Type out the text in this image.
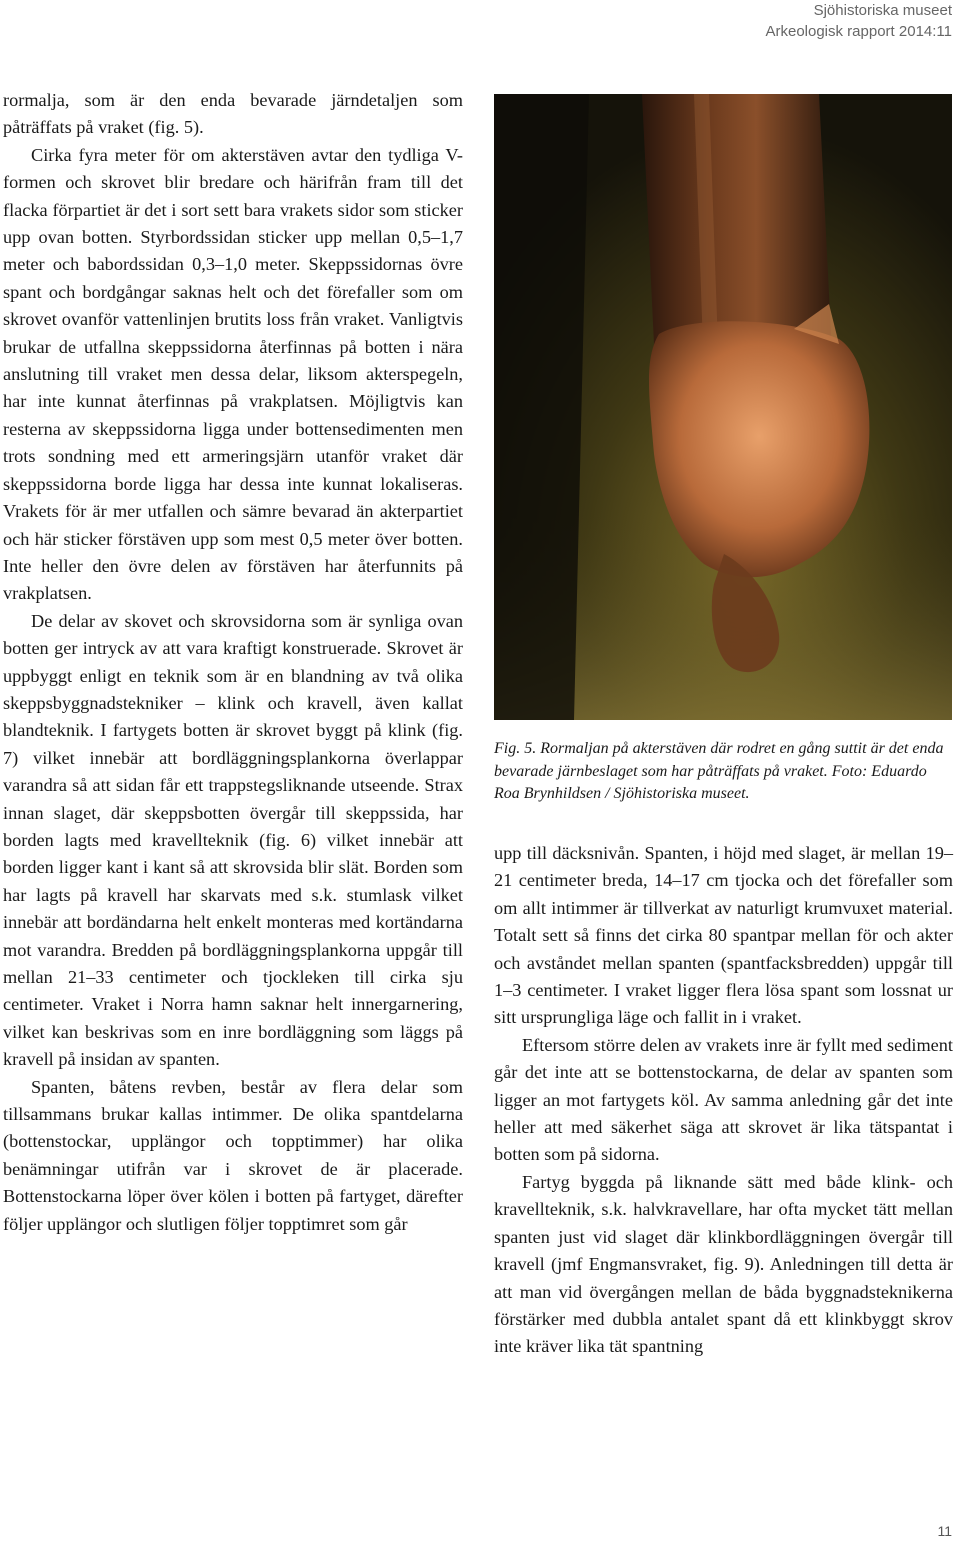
Sjöhistoriska museet
Arkeologisk rapport 2014:11

rormalja, som är den enda bevarade järndetaljen som påträffats på vraket (fig. 5).

Cirka fyra meter för om akterstäven avtar den tydliga V-formen och skrovet blir bredare och härifrån fram till det flacka förpartiet är det i sort sett bara vrakets sidor som sticker upp ovan botten. Styrbordssidan sticker upp mellan 0,5–1,7 meter och babordssidan 0,3–1,0 meter. Skeppssidornas övre spant och bordgångar saknas helt och det förefaller som om skrovet ovanför vattenlinjen brutits loss från vraket. Vanligtvis brukar de utfallna skeppssidorna återfinnas på botten i nära anslutning till vraket men dessa delar, liksom akterspegeln, har inte kunnat återfinnas på vrakplatsen. Möjligtvis kan resterna av skeppssidorna ligga under bottensedimenten men trots sondning med ett armeringsjärn utanför vraket där skeppssidorna borde ligga har dessa inte kunnat lokaliseras. Vrakets för är mer utfallen och sämre bevarad än akterpartiet och här sticker förstäven upp som mest 0,5 meter över botten. Inte heller den övre delen av förstäven har återfunnits på vrakplatsen.

De delar av skovet och skrovsidorna som är synliga ovan botten ger intryck av att vara kraftigt konstruerade. Skrovet är uppbyggt enligt en teknik som är en blandning av två olika skeppsbyggnadstekniker – klink och kravell, även kallat blandteknik. I fartygets botten är skrovet byggt på klink (fig. 7) vilket innebär att bordläggningsplankorna överlappar varandra så att sidan får ett trappstegsliknande utseende. Strax innan slaget, där skeppsbotten övergår till skeppssida, har borden lagts med kravellteknik (fig. 6) vilket innebär att borden ligger kant i kant så att skrovsida blir slät. Borden som har lagts på kravell har skarvats med s.k. stumlask vilket innebär att bordändarna helt enkelt monteras med kortändarna mot varandra. Bredden på bordläggningsplankorna uppgår till mellan 21–33 centimeter och tjockleken till cirka sju centimeter. Vraket i Norra hamn saknar helt innergarnering, vilket kan beskrivas som en inre bordläggning som läggs på kravell på insidan av spanten.

Spanten, båtens revben, består av flera delar som tillsammans brukar kallas intimmer. De olika spantdelarna (bottenstockar, upplängor och topptimmer) har olika benämningar utifrån var i skrovet de är placerade. Bottenstockarna löper över kölen i botten på fartyget, därefter följer upplängor och slutligen följer topptimret som går

Fig. 5. Rormaljan på akterstäven där rodret en gång suttit är det enda bevarade järnbeslaget som har påträffats på vraket. Foto: Eduardo Roa Brynhildsen / Sjöhistoriska museet.

upp till däcksnivån. Spanten, i höjd med slaget, är mellan 19–21 centimeter breda, 14–17 cm tjocka och det förefaller som om allt intimmer är tillverkat av naturligt krumvuxet material. Totalt sett så finns det cirka 80 spantpar mellan för och akter och avståndet mellan spanten (spantfacksbredden) uppgår till 1–3 centimeter. I vraket ligger flera lösa spant som lossnat ur sitt ursprungliga läge och fallit in i vraket.

Eftersom större delen av vrakets inre är fyllt med sediment går det inte att se bottenstockarna, de delar av spanten som ligger an mot fartygets köl. Av samma anledning går det inte heller att med säkerhet säga att skrovet är lika tätspantat i botten som på sidorna.

Fartyg byggda på liknande sätt med både klink- och kravellteknik, s.k. halvkravellare, har ofta mycket tätt mellan spanten just vid slaget där klinkbordläggningen övergår till kravell (jmf Engmansvraket, fig. 9). Anledningen till detta är att man vid övergången mellan de båda byggnadsteknikerna förstärker med dubbla antalet spant då ett klinkbyggt skrov inte kräver lika tät spantning

11
